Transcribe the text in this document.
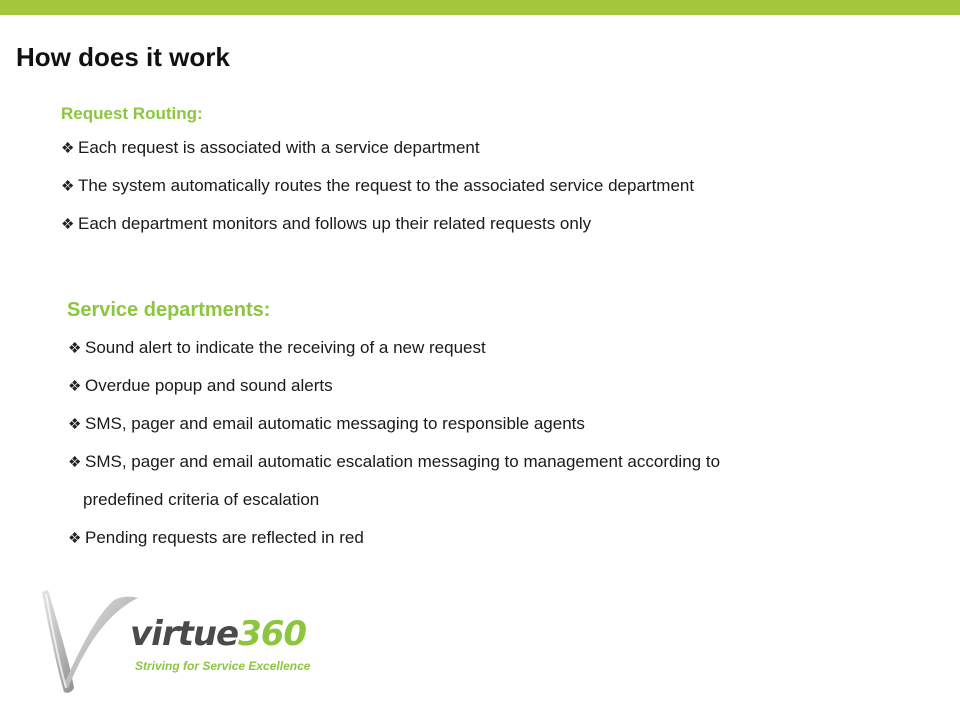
How does it work
Request Routing:
❖ Each request is associated with a service department
❖ The system automatically routes the request to the associated service department
❖ Each department monitors and follows up their related requests only
Service departments:
❖ Sound alert to indicate the receiving of a new request
❖ Overdue popup and sound alerts
❖ SMS, pager and email automatic messaging to responsible agents
❖ SMS, pager and email automatic escalation messaging to management according to
predefined criteria of escalation
❖ Pending requests are reflected in red

virtue360

Striving for Service Excellence
